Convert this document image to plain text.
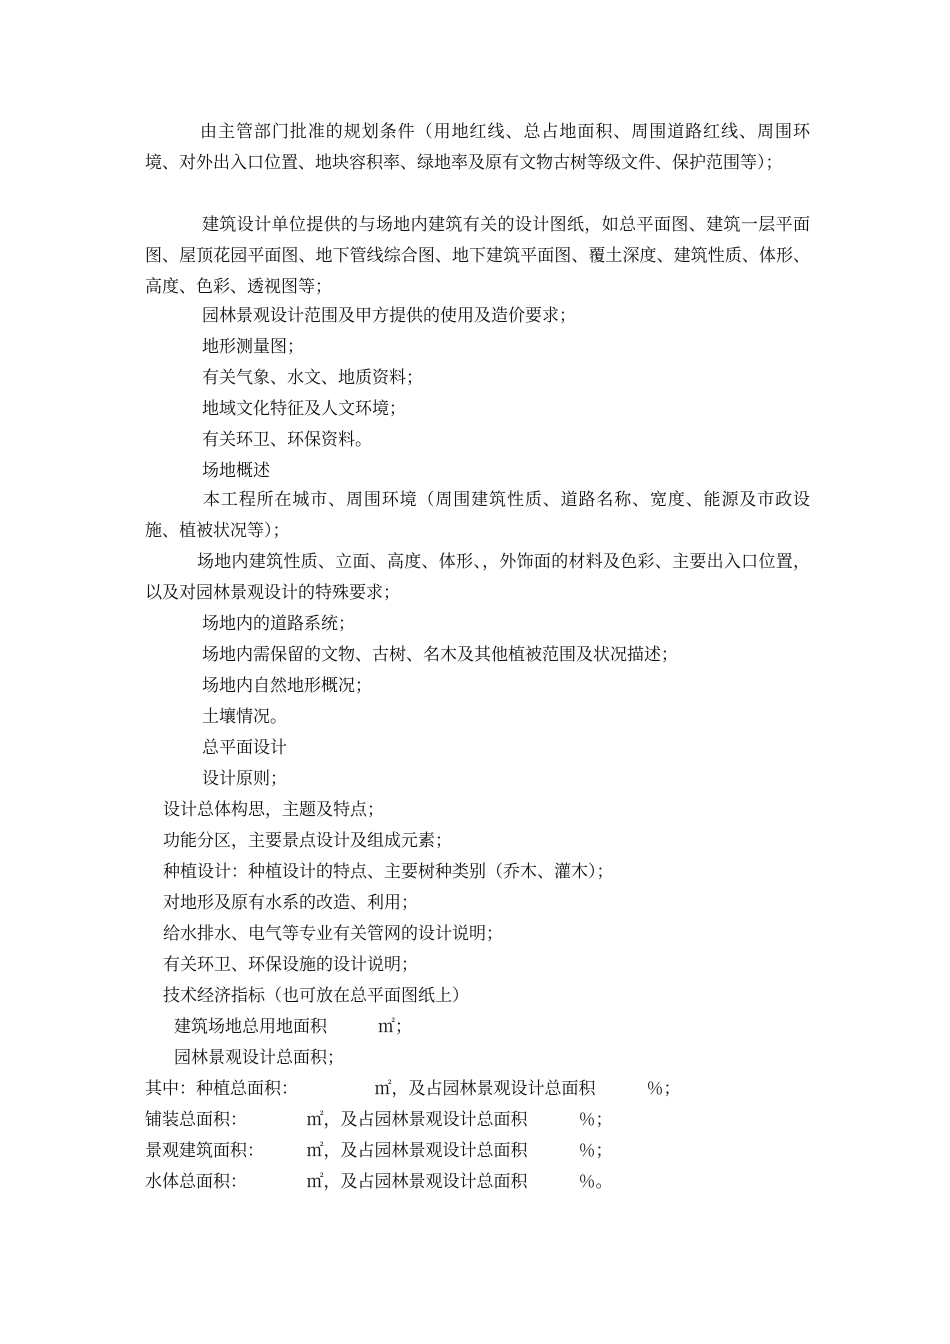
由主管部门批准的规划条件（用地红线、总占地面积、周围道路红线、周围环境、对外出入口位置、地块容积率、绿地率及原有文物古树等级文件、保护范围等）；
建筑设计单位提供的与场地内建筑有关的设计图纸，如总平面图、建筑一层平面图、屋顶花园平面图、地下管线综合图、地下建筑平面图、覆土深度、建筑性质、体形、高度、色彩、透视图等；
园林景观设计范围及甲方提供的使用及造价要求；
地形测量图；
有关气象、水文、地质资料；
地域文化特征及人文环境；
有关环卫、环保资料。
场地概述
本工程所在城市、周围环境（周围建筑性质、道路名称、宽度、能源及市政设施、植被状况等）；
场地内建筑性质、立面、高度、体形、，外饰面的材料及色彩、主要出入口位置，以及对园林景观设计的特殊要求；
场地内的道路系统；
场地内需保留的文物、古树、名木及其他植被范围及状况描述；
场地内自然地形概况；
土壤情况。
总平面设计
设计原则；
设计总体构思，主题及特点；
功能分区，主要景点设计及组成元素；
种植设计：种植设计的特点、主要树种类别（乔木、灌木）；
对地形及原有水系的改造、利用；
给水排水、电气等专业有关管网的设计说明；
有关环卫、环保设施的设计说明；
技术经济指标（也可放在总平面图纸上）
建筑场地总用地面积　　　㎡；
园林景观设计总面积；
其中：种植总面积：　　　　　㎡，及占园林景观设计总面积　　　％；
铺装总面积：　　　　㎡，及占园林景观设计总面积　　　％；
景观建筑面积：　　　㎡，及占园林景观设计总面积　　　％；
水体总面积：　　　　㎡，及占园林景观设计总面积　　　％。
